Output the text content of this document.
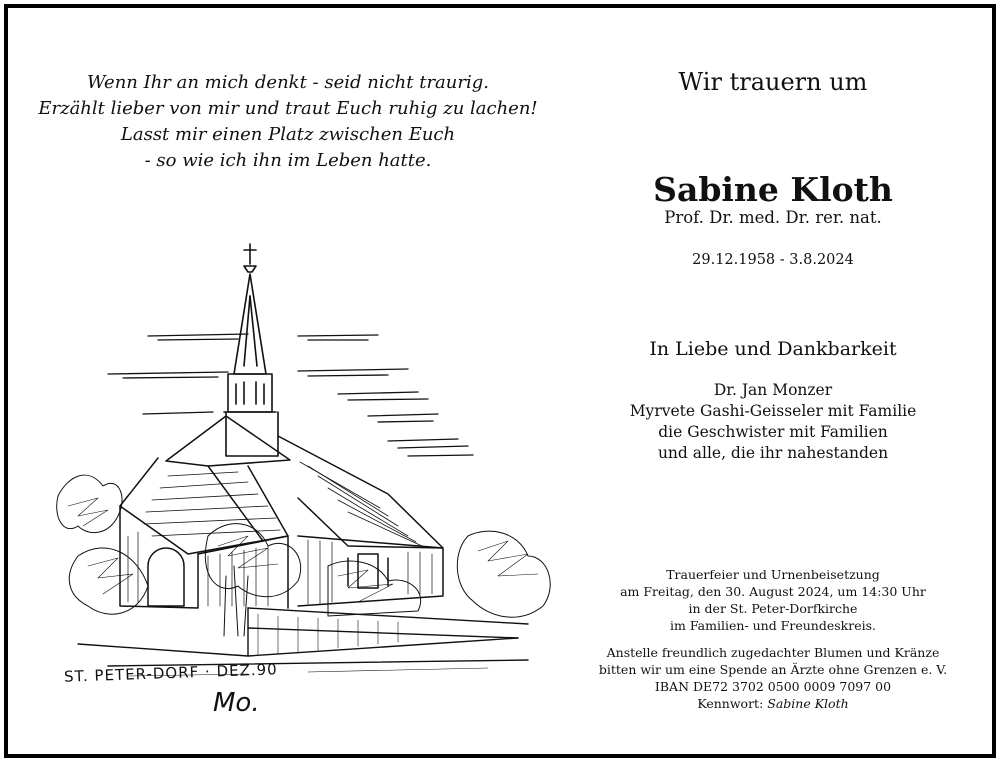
Wenn Ihr an mich denkt - seid nicht traurig.
Erzählt lieber von mir und traut Euch ruhig zu lachen!
Lasst mir einen Platz zwischen Euch
- so wie ich ihn im Leben hatte.
ST. PETER-DORF · DEZ.90
Mo.
Wir trauern um
Sabine Kloth
Prof. Dr. med. Dr. rer. nat.
29.12.1958 - 3.8.2024
In Liebe und Dankbarkeit
Dr. Jan Monzer
Myrvete Gashi-Geisseler mit Familie
die Geschwister mit Familien
und alle, die ihr nahestanden
Trauerfeier und Urnenbeisetzung
am Freitag, den 30. August 2024, um 14:30 Uhr
in der St. Peter-Dorfkirche
im Familien- und Freundeskreis.
Anstelle freundlich zugedachter Blumen und Kränze
bitten wir um eine Spende an Ärzte ohne Grenzen e. V.
IBAN DE72 3702 0500 0009 7097 00
Kennwort: Sabine Kloth
